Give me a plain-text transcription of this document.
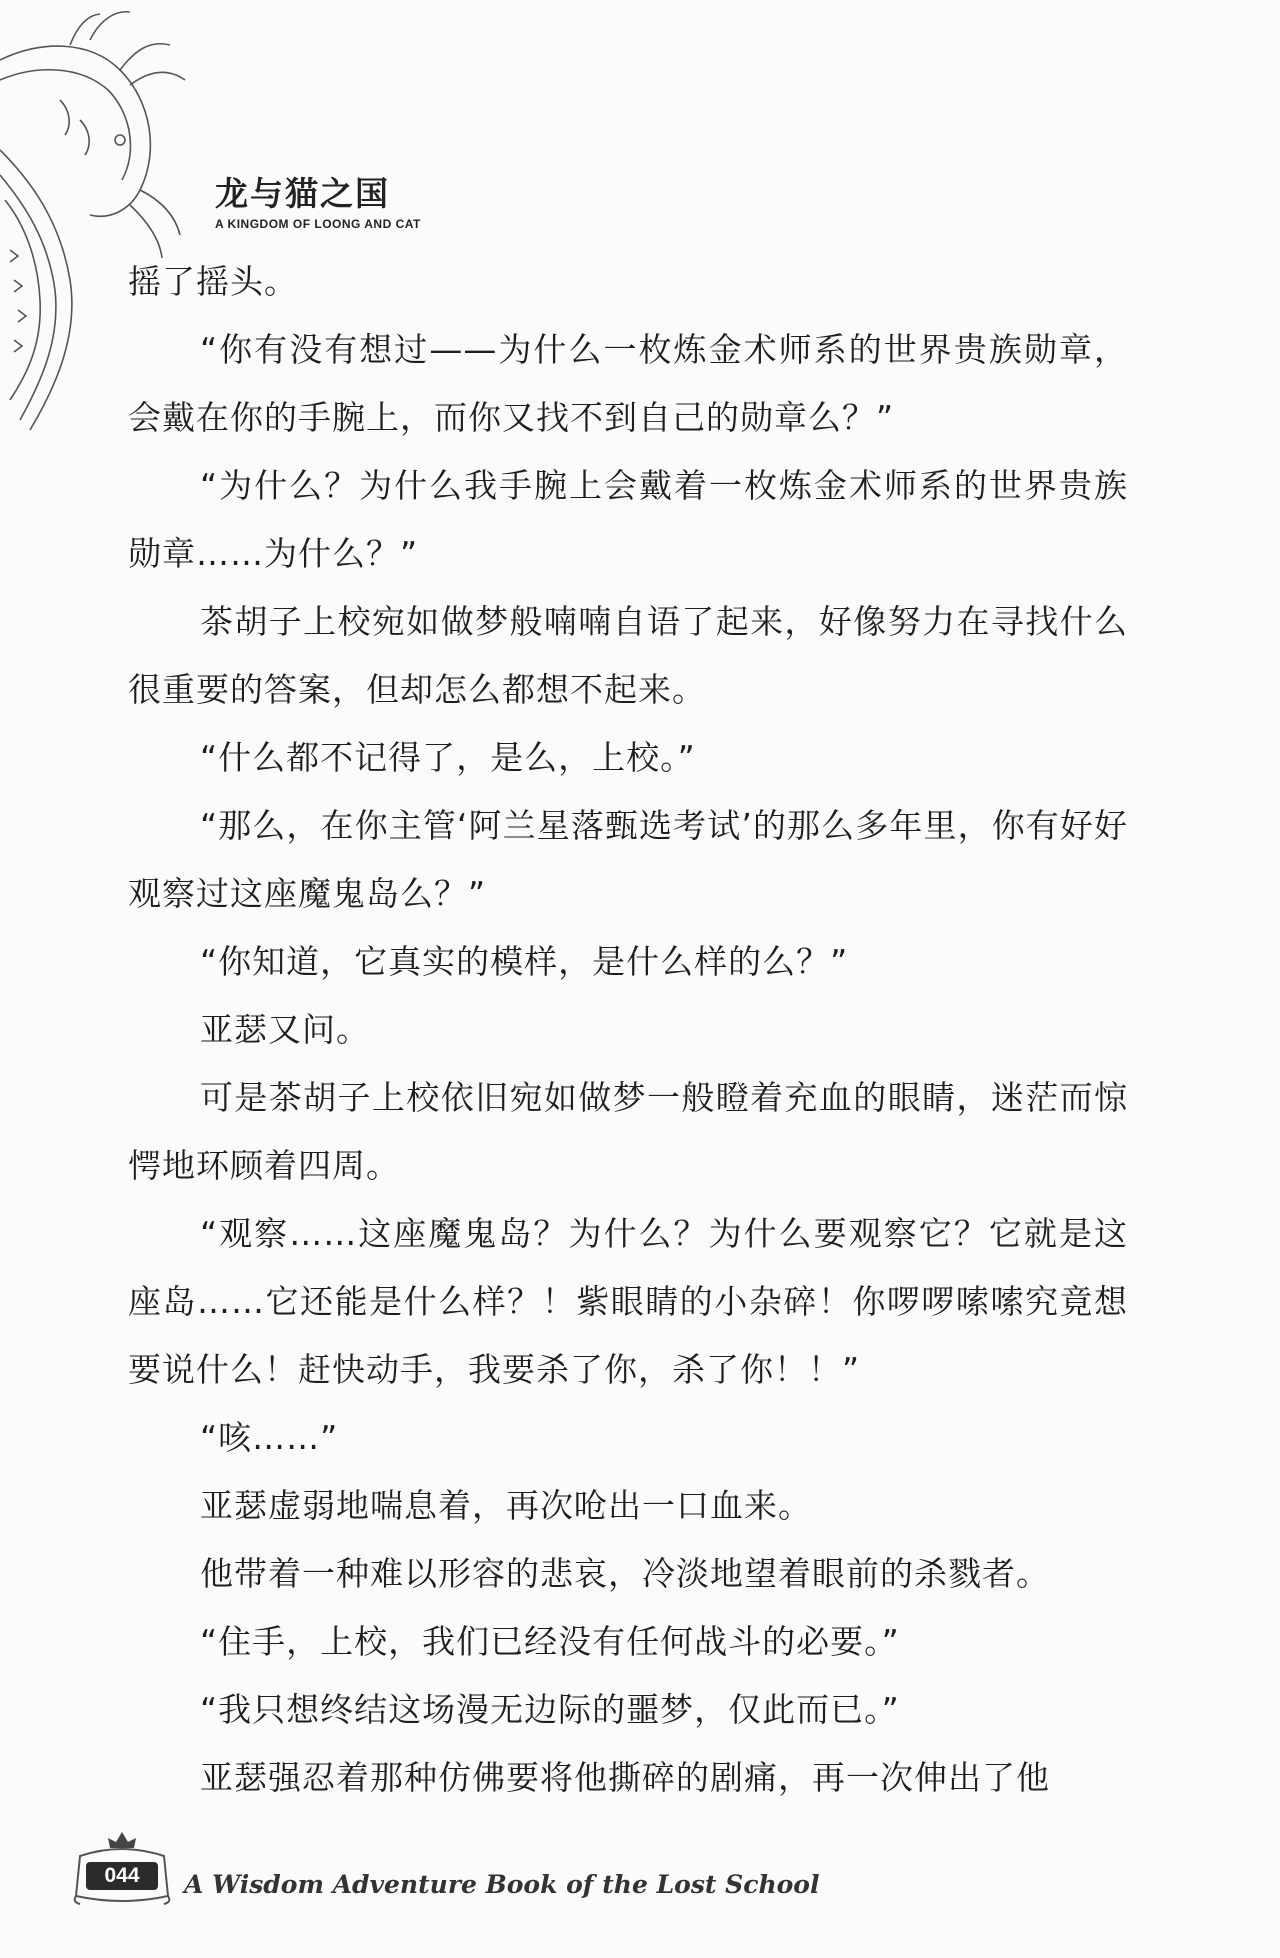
龙与猫之国
A KINGDOM OF LOONG AND CAT

摇了摇头。

“你有没有想过——为什么一枚炼金术师系的世界贵族勋章，会戴在你的手腕上，而你又找不到自己的勋章么？”

“为什么？为什么我手腕上会戴着一枚炼金术师系的世界贵族勋章……为什么？”

茶胡子上校宛如做梦般喃喃自语了起来，好像努力在寻找什么很重要的答案，但却怎么都想不起来。

“什么都不记得了，是么，上校。”

“那么，在你主管‘阿兰星落甄选考试’的那么多年里，你有好好观察过这座魔鬼岛么？”

“你知道，它真实的模样，是什么样的么？”

亚瑟又问。

可是茶胡子上校依旧宛如做梦一般瞪着充血的眼睛，迷茫而惊愕地环顾着四周。

“观察……这座魔鬼岛？为什么？为什么要观察它？它就是这座岛……它还能是什么样？！紫眼睛的小杂碎！你啰啰嗦嗦究竟想要说什么！赶快动手，我要杀了你，杀了你！！”

“咳……”

亚瑟虚弱地喘息着，再次呛出一口血来。

他带着一种难以形容的悲哀，冷淡地望着眼前的杀戮者。

“住手，上校，我们已经没有任何战斗的必要。”

“我只想终结这场漫无边际的噩梦，仅此而已。”

亚瑟强忍着那种仿佛要将他撕碎的剧痛，再一次伸出了他

044	A Wisdom Adventure Book of the Lost School
